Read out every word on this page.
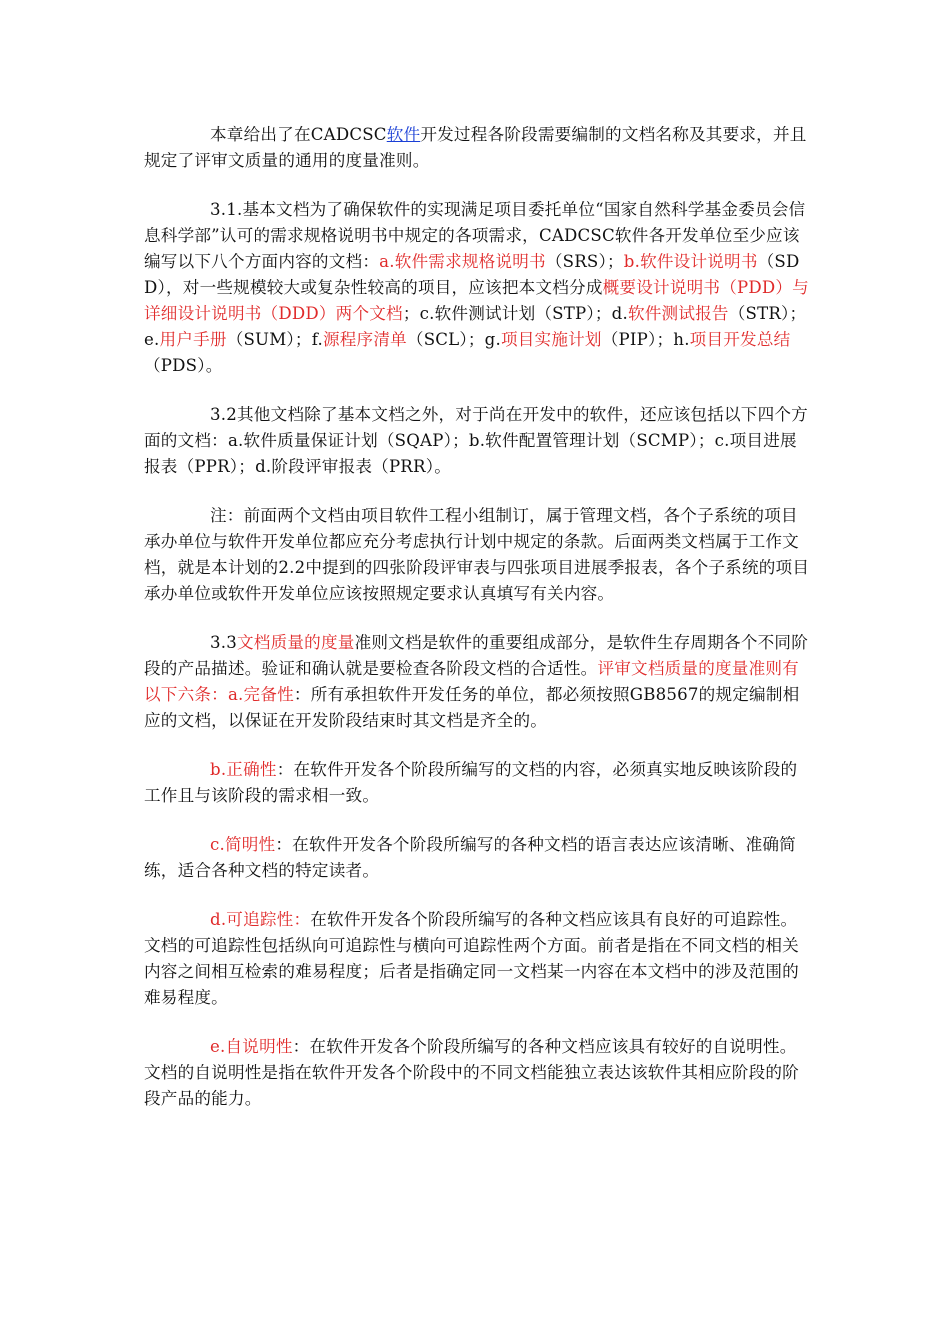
本章给出了在CADCSC软件开发过程各阶段需要编制的文档名称及其要求，并且规定了评审文质量的通用的度量准则。

3.1.基本文档为了确保软件的实现满足项目委托单位“国家自然科学基金委员会信息科学部”认可的需求规格说明书中规定的各项需求，CADCSC软件各开发单位至少应该编写以下八个方面内容的文档：a.软件需求规格说明书（SRS）；b.软件设计说明书（SDD），对一些规模较大或复杂性较高的项目，应该把本文档分成概要设计说明书（PDD）与详细设计说明书（DDD）两个文档；c.软件测试计划（STP）；d.软件测试报告（STR）；e.用户手册（SUM）；f.源程序清单（SCL）；g.项目实施计划（PIP）；h.项目开发总结（PDS）。

3.2其他文档除了基本文档之外，对于尚在开发中的软件，还应该包括以下四个方面的文档：a.软件质量保证计划（SQAP）；b.软件配置管理计划（SCMP）；c.项目进展报表（PPR）；d.阶段评审报表（PRR）。

注：前面两个文档由项目软件工程小组制订，属于管理文档，各个子系统的项目承办单位与软件开发单位都应充分考虑执行计划中规定的条款。后面两类文档属于工作文档，就是本计划的2.2中提到的四张阶段评审表与四张项目进展季报表，各个子系统的项目承办单位或软件开发单位应该按照规定要求认真填写有关内容。

3.3文档质量的度量准则文档是软件的重要组成部分，是软件生存周期各个不同阶段的产品描述。验证和确认就是要检查各阶段文档的合适性。评审文档质量的度量准则有以下六条：a.完备性：所有承担软件开发任务的单位，都必须按照GB8567的规定编制相应的文档，以保证在开发阶段结束时其文档是齐全的。

b.正确性：在软件开发各个阶段所编写的文档的内容，必须真实地反映该阶段的工作且与该阶段的需求相一致。

c.简明性：在软件开发各个阶段所编写的各种文档的语言表达应该清晰、准确简练，适合各种文档的特定读者。

d.可追踪性：在软件开发各个阶段所编写的各种文档应该具有良好的可追踪性。文档的可追踪性包括纵向可追踪性与横向可追踪性两个方面。前者是指在不同文档的相关内容之间相互检索的难易程度；后者是指确定同一文档某一内容在本文档中的涉及范围的难易程度。

e.自说明性：在软件开发各个阶段所编写的各种文档应该具有较好的自说明性。文档的自说明性是指在软件开发各个阶段中的不同文档能独立表达该软件其相应阶段的阶段产品的能力。
